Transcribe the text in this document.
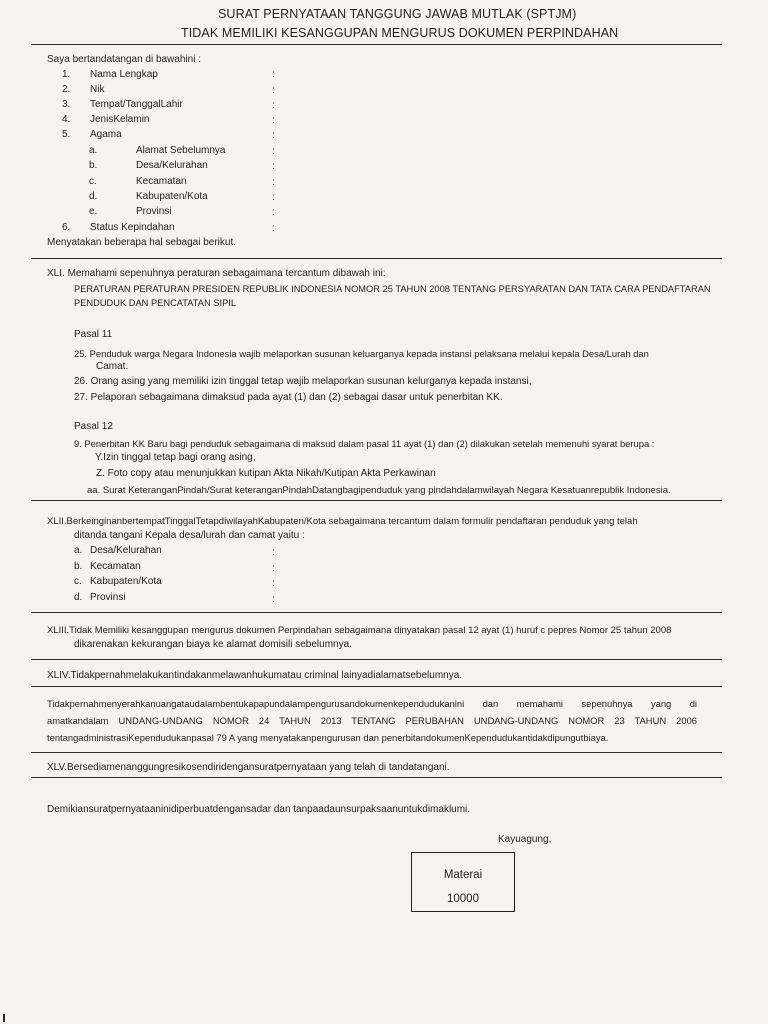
SURAT PERNYATAAN TANGGUNG JAWAB MUTLAK (SPTJM)
TIDAK MEMILIKI KESANGGUPAN MENGURUS DOKUMEN PERPINDAHAN
Saya bertandatangan di bawahini :
1. Nama Lengkap	:
2. Nik	:
3. Tempat/TanggalLahir	:
4. JenisKelamin	:
5. Agama	:
a.	Alamat Sebelumnya	:
b.	Desa/Kelurahan	:
c.	Kecamatan	:
d.	Kabupaten/Kota	:
e.	Provinsi	:
6. Status Kepindahan	:
Menyatakan beberapa hal sebagai berikut.
XLI. Memahami sepenuhnya peraturan sebagaimana tercantum dibawah ini:
PERATURAN PERATURAN PRESIDEN REPUBLIK INDONESIA NOMOR 25 TAHUN 2008 TENTANG PERSYARATAN DAN TATA CARA PENDAFTARAN
PENDUDUK DAN PENCATATAN SIPIL
Pasal 11
25. Penduduk warga Negara Indonesia wajib melaporkan susunan keluarganya kepada instansi pelaksana melalui kepala Desa/Lurah dan
Camat.
26. Orang asing yang memiliki izin tinggal tetap wajib melaporkan susunan kelurganya kepada instansi,
27. Pelaporan sebagaimana dimaksud pada ayat (1) dan (2) sebagai dasar untuk penerbitan KK.
Pasal 12
9. Penerbitan KK Baru bagi penduduk sebagaimana di maksud dalam pasal 11 ayat (1) dan (2) dilakukan setelah memenuhi syarat berupa :
Y.Izin tinggal tetap bagi orang asing,
Z. Foto copy atau menunjukkan kutipan Akta Nikah/Kutipan Akta Perkawinan
aa. Surat KeteranganPindah/Surat keteranganPindahDatangbagipenduduk yang pindahdalamwilayah Negara Kesatuanrepublik Indonesia.
XLII.BerkeinginanbertempatTinggalTetapdiwilayahKabupaten/Kota sebagaimana tercantum dalam formulir pendaftaran penduduk yang telah
ditanda tangani Kepala desa/lurah dan camat yaitu :
a. Desa/Kelurahan	:
b. Kecamatan	:
c. Kabupaten/Kota	:
d. Provinsi	:
XLIII.Tidak Memiliki kesanggupan mengurus dokumen Perpindahan sebagaimana dinyatakan pasal 12 ayat (1) huruf c pepres Nomor 25 tahun 2008
dikarenakan kekurangan biaya ke alamat domisili sebelumnya.
XLIV.Tidakpernahmelakukantindakanmelawanhukumatau criminal lainyadialamatsebelumnya.
Tidakpernahmenyerahkanuangataudalambentukapapundalampengurusandokumenkependudukanini dan memahami sepenuhnya yang di
amatkandalam UNDANG-UNDANG NOMOR 24 TAHUN 2013 TENTANG PERUBAHAN UNDANG-UNDANG NOMOR 23 TAHUN 2006
tentangadministrasiKependudukanpasal 79 A yang menyatakanpengurusan dan penerbitandokumenKependudukantidakdipungutbiaya.
XLV.Bersediamenanggungresikosendiridengansuratpernyataan yang telah di tandatangani.
Demikiansuratpernyataaninidiperbuatdengansadar dan tanpaadaunsurpaksaanuntukdimaklumi.
Kayuagung,
Materai
10000
